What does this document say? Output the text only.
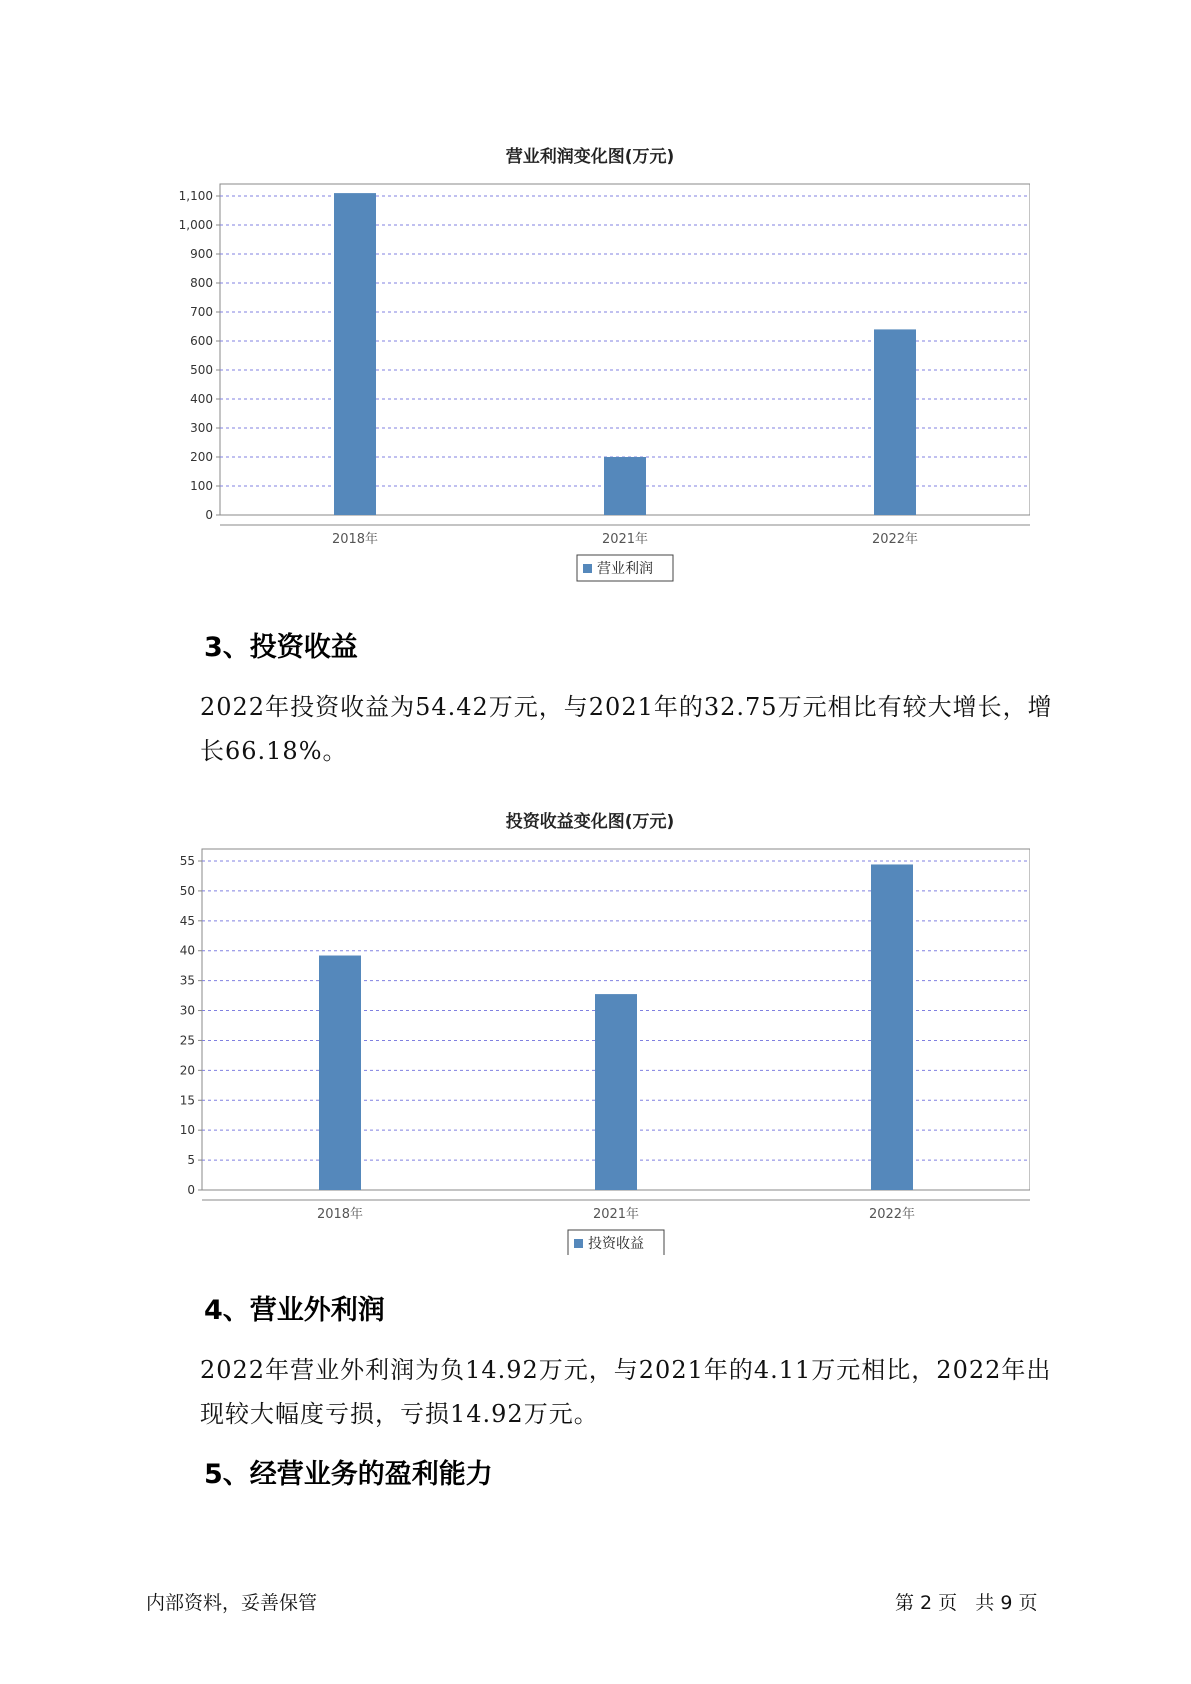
营业利润变化图(万元)
0
100
200
300
400
500
600
700
800
900
1,000
1,100
2018年	2021年	2022年
营业利润
3、投资收益
2022年投资收益为54.42万元，与2021年的32.75万元相比有较大增长，增长66.18%。
投资收益变化图(万元)
0
5
10
15
20
25
30
35
40
45
50
55
2018年	2021年	2022年
投资收益
4、营业外利润
2022年营业外利润为负14.92万元，与2021年的4.11万元相比，2022年出现较大幅度亏损，亏损14.92万元。
5、经营业务的盈利能力
内部资料，妥善保管	第 2 页   共 9 页
